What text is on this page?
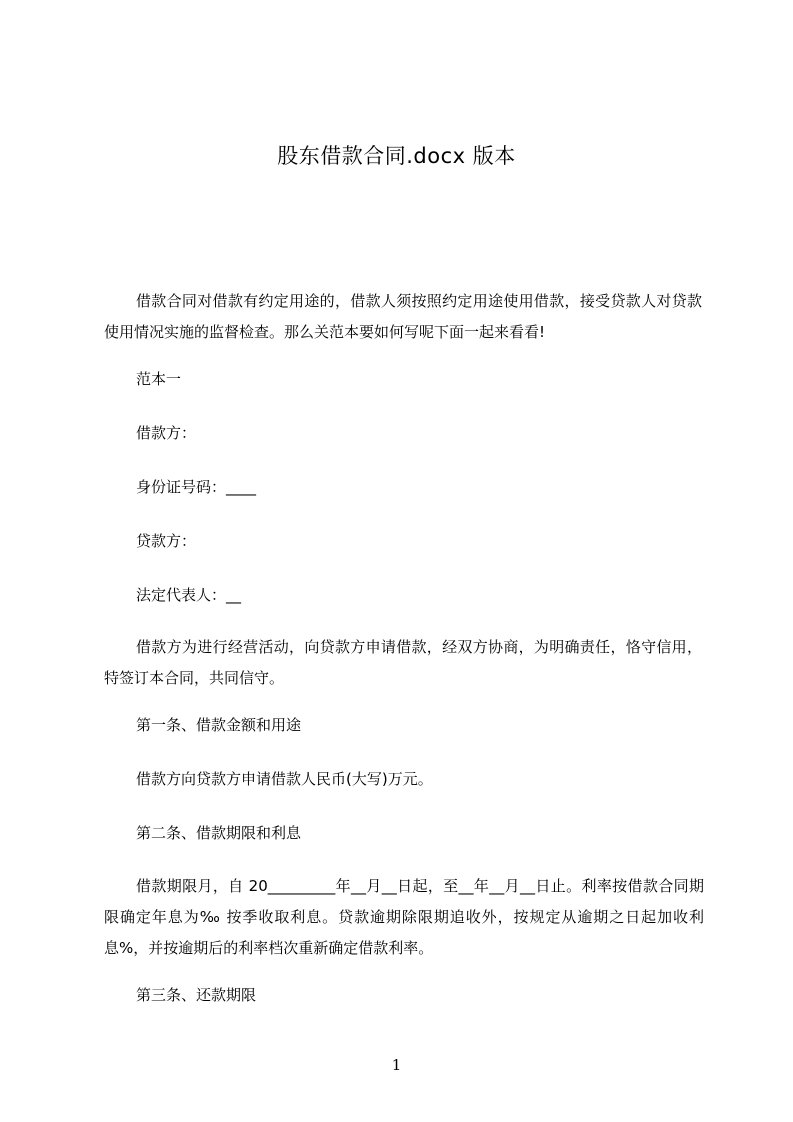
股东借款合同.docx 版本

借款合同对借款有约定用途的，借款人须按照约定用途使用借款，接受贷款人对贷款使用情况实施的监督检查。那么关范本要如何写呢下面一起来看看!

范本一

借款方：

身份证号码：____

贷款方：

法定代表人：__

借款方为进行经营活动，向贷款方申请借款，经双方协商，为明确责任，恪守信用，特签订本合同，共同信守。

第一条、借款金额和用途

借款方向贷款方申请借款人民币(大写)万元。

第二条、借款期限和利息

借款期限月，自 20_________年__月__日起，至__年__月__日止。利率按借款合同期限确定年息为‰ 按季收取利息。贷款逾期除限期追收外，按规定从逾期之日起加收利息%，并按逾期后的利率档次重新确定借款利率。

第三条、还款期限

1
